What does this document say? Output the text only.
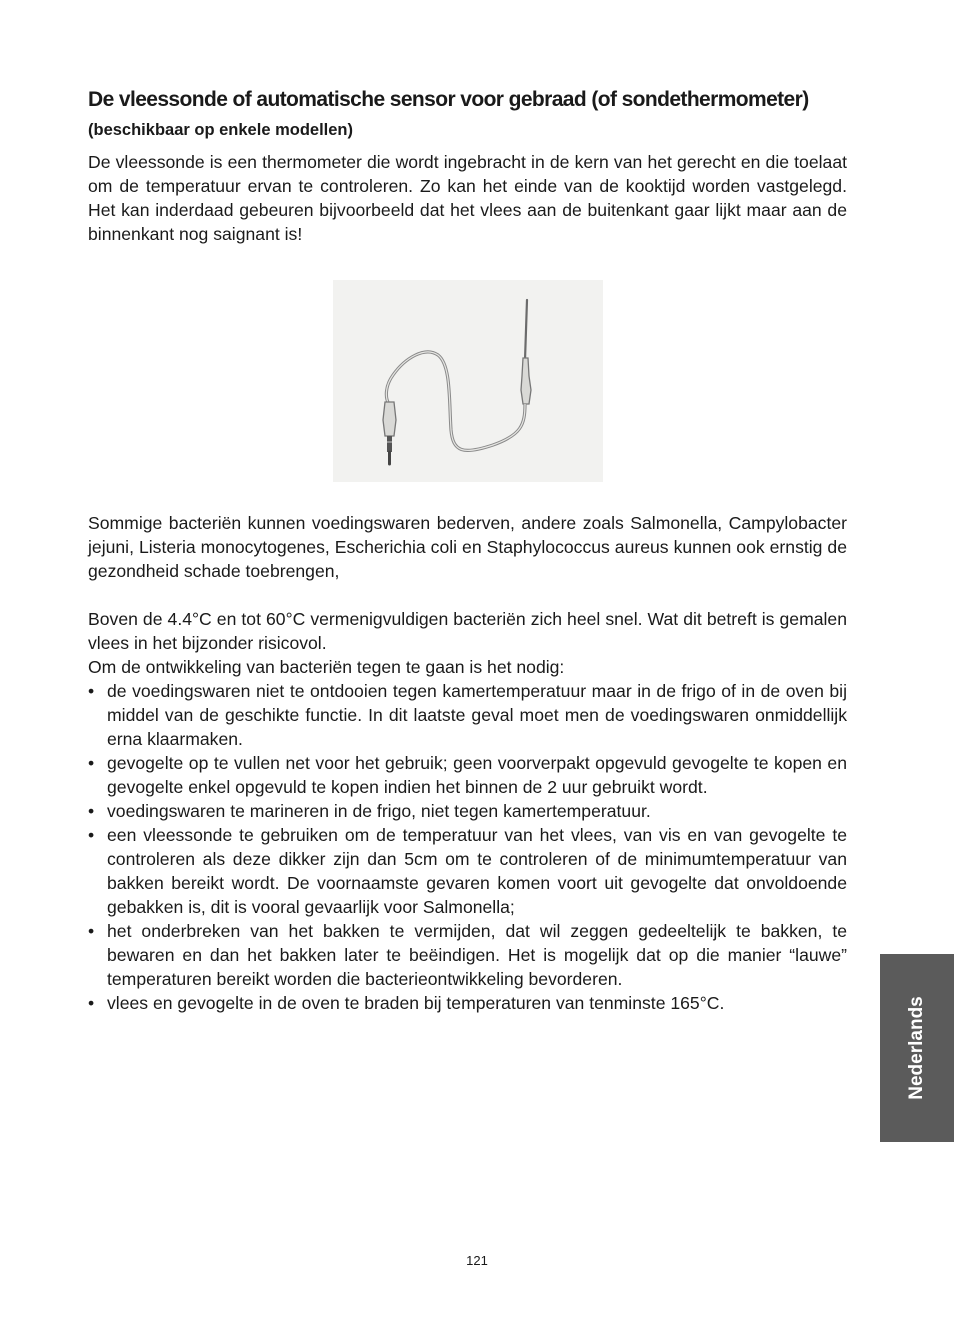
De vleessonde of automatische sensor voor gebraad (of sondethermometer)
(beschikbaar op enkele modellen)

De vleessonde is een thermometer die wordt ingebracht in de kern van het gerecht en die toelaat om de temperatuur ervan te controleren. Zo kan het einde van de kooktijd worden vastgelegd. Het kan inderdaad gebeuren bijvoorbeeld dat het vlees aan de buitenkant gaar lijkt maar aan de binnenkant nog saignant is!

Sommige bacteriën kunnen voedingswaren bederven, andere zoals Salmonella, Campylobacter jejuni, Listeria monocytogenes, Escherichia coli en Staphylococcus aureus kunnen ook ernstig de gezondheid schade toebrengen,

Boven de 4.4°C en tot 60°C vermenigvuldigen bacteriën zich heel snel. Wat dit betreft is gemalen vlees in het bijzonder risicovol.

Om de ontwikkeling van bacteriën tegen te gaan is het nodig:

• de voedingswaren niet te ontdooien tegen kamertemperatuur maar in de frigo of in de oven bij middel van de geschikte functie. In dit laatste geval moet men de voedingswaren onmiddellijk erna klaarmaken.
• gevogelte op te vullen net voor het gebruik; geen voorverpakt opgevuld gevogelte te kopen en gevogelte enkel opgevuld te kopen indien het binnen de 2 uur gebruikt wordt.
• voedingswaren te marineren in de frigo, niet tegen kamertemperatuur.
• een vleessonde te gebruiken om de temperatuur van het vlees, van vis en van gevogelte te controleren als deze dikker zijn dan 5cm om te controleren of de minimumtemperatuur van bakken bereikt wordt. De voornaamste gevaren komen voort uit gevogelte dat onvoldoende gebakken is, dit is vooral gevaarlijk voor Salmonella;
• het onderbreken van het bakken te vermijden, dat wil zeggen gedeeltelijk te bakken, te bewaren en dan het bakken later te beëindigen. Het is mogelijk dat op die manier “lauwe” temperaturen bereikt worden die bacterieontwikkeling bevorderen.
• vlees en gevogelte in de oven te braden bij temperaturen van tenminste 165°C.	Nederlands
121
